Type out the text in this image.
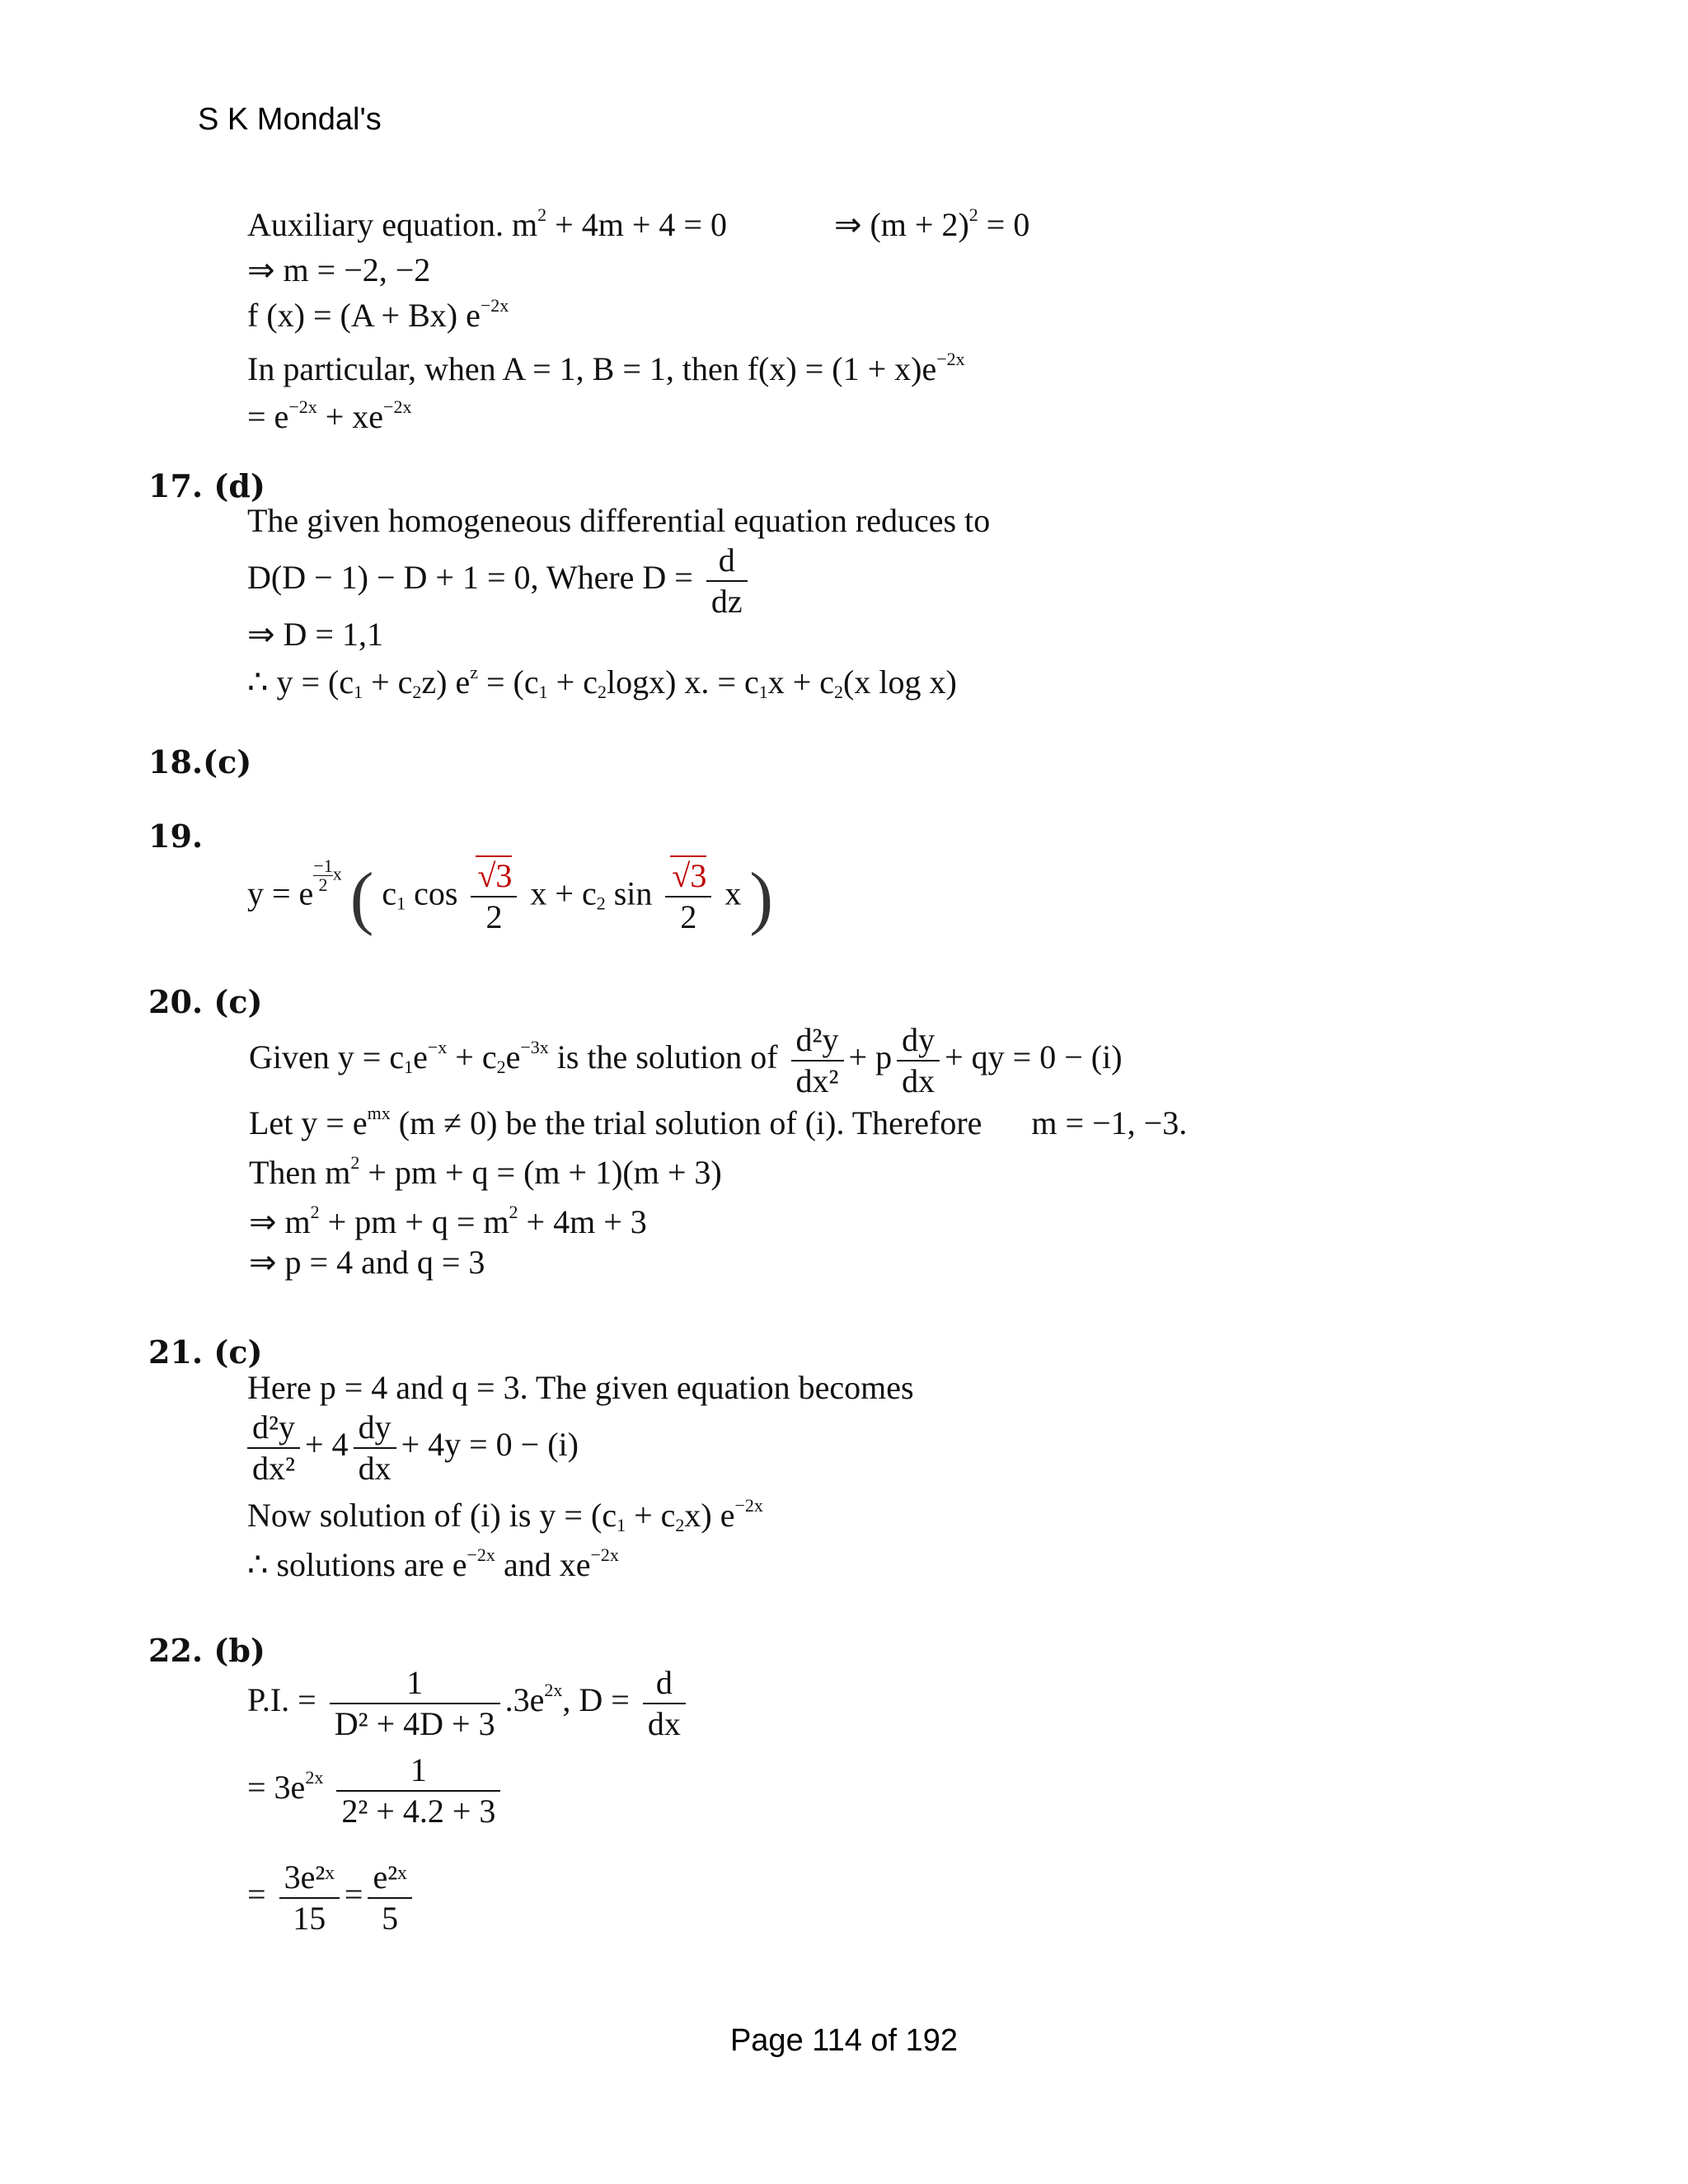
S K Mondal's
Auxiliary equation. $m^2 + 4m + 4 = 0$	⇒ $(m + 2)^2 = 0$
⇒ m = −2, −2
f (x) = (A + Bx) $e^{-2x}$
In particular, when A = 1, B = 1, then $f(x) = (1 + x)e^{-2x}$
= $e^{-2x} + xe^{-2x}$
17. (d)
The given homogeneous differential equation reduces to
D(D − 1) − D + 1 = 0, Where $D = \frac{d}{dz}$
⇒ D = 1,1
∴ $y = (c_1 + c_2z) e^z = (c_1 + c_2\log x) x$. = $c_1x + c_2(x$ log x)
18.(c)
19.
y = e $\frac{-1}{2}$ x ( $c_1$ $\cos \frac{√3}{2}$ $x + c_2$ $\sin \frac{√3}{2}$ x )
20. (c)
Given $y = c_1e^{-x} + c_2e^{-3x}$ is the solution of $\frac{\text{d²y}}{\text{dx²}} + p \frac{dy}{dx}$ + qy = 0 − (i)
Let $y = e^{mx}$ (m ≠ 0) be the trial solution of (i). Therefore m = −1, −3.
Then $m^2$ + pm + q = (m + 1)(m + 3)
⇒ $m^2$ + pm + $q = m^2 + 4m + 3$
⇒ p = 4 and q = 3
21. (c)
Here p = 4 and q = 3. The given equation becomes
$\frac{\text{d²y}}{\text{dx²}} + 4 \frac{dy}{dx} + 4y = 0 - (i)$
Now solution of (i) is $y = (c_1 + c_2x)$ $e^{-2x}$
∴ solutions are $e^{-2x}$ and $xe^{-2x}$
22. (b)
P.I. = $\frac{1}{\text{D² + 4D + 3}} .3e^{2x}$, $D = \frac{d}{dx}$
= $3e^{2x} \frac{1}{\text{2² + 4.2 + 3}}$
= $\frac{\text{3e²ˣ}}{15} = \frac{\text{e²ˣ}}{5}$
Page 114 of 192
